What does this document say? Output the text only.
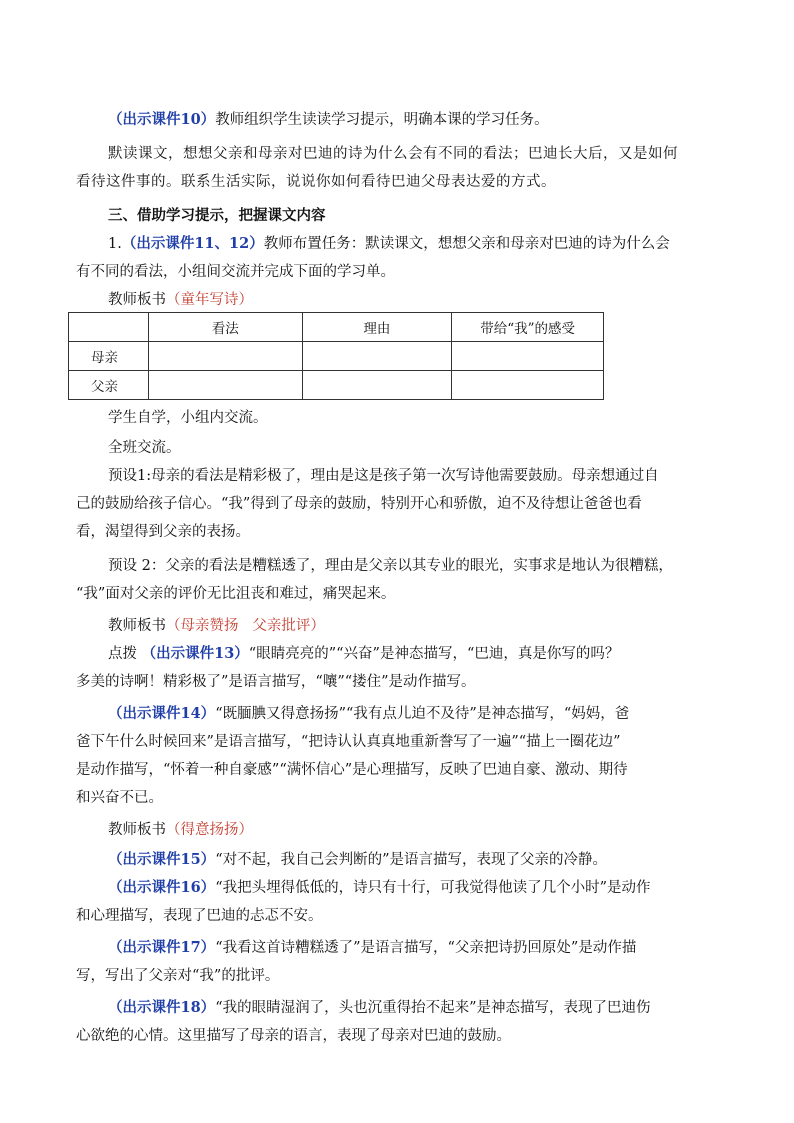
（出示课件10）教师组织学生读读学习提示，明确本课的学习任务。

默读课文，想想父亲和母亲对巴迪的诗为什么会有不同的看法；巴迪长大后，又是如何
看待这件事的。联系生活实际，说说你如何看待巴迪父母表达爱的方式。

三、借助学习提示，把握课文内容

1.（出示课件11、12）教师布置任务：默读课文，想想父亲和母亲对巴迪的诗为什么会
有不同的看法，小组间交流并完成下面的学习单。

教师板书（童年写诗）

	看法	理由	带给“我”的感受
母亲			
父亲			

学生自学，小组内交流。

全班交流。

预设1:母亲的看法是精彩极了，理由是这是孩子第一次写诗他需要鼓励。母亲想通过自
己的鼓励给孩子信心。“我”得到了母亲的鼓励，特别开心和骄傲，迫不及待想让爸爸也看
看，渴望得到父亲的表扬。

预设 2：父亲的看法是糟糕透了，理由是父亲以其专业的眼光，实事求是地认为很糟糕，
“我”面对父亲的评价无比沮丧和难过，痛哭起来。

教师板书（母亲赞扬   父亲批评）

点拨 （出示课件13）“眼睛亮亮的”“兴奋”是神态描写，“巴迪，真是你写的吗？
多美的诗啊！精彩极了”是语言描写，“嚷”“搂住”是动作描写。

（出示课件14）“既腼腆又得意扬扬”“我有点儿迫不及待”是神态描写，“妈妈，爸
爸下午什么时候回来”是语言描写，“把诗认认真真地重新誊写了一遍”“描上一圈花边”
是动作描写，“怀着一种自豪感”“满怀信心”是心理描写，反映了巴迪自豪、激动、期待
和兴奋不已。

教师板书（得意扬扬）

（出示课件15）“对不起，我自己会判断的”是语言描写，表现了父亲的冷静。

（出示课件16）“我把头埋得低低的，诗只有十行，可我觉得他读了几个小时”是动作
和心理描写，表现了巴迪的忐忑不安。

（出示课件17）“我看这首诗糟糕透了”是语言描写，“父亲把诗扔回原处”是动作描
写，写出了父亲对“我”的批评。

（出示课件18）“我的眼睛湿润了，头也沉重得抬不起来”是神态描写，表现了巴迪伤
心欲绝的心情。这里描写了母亲的语言，表现了母亲对巴迪的鼓励。
